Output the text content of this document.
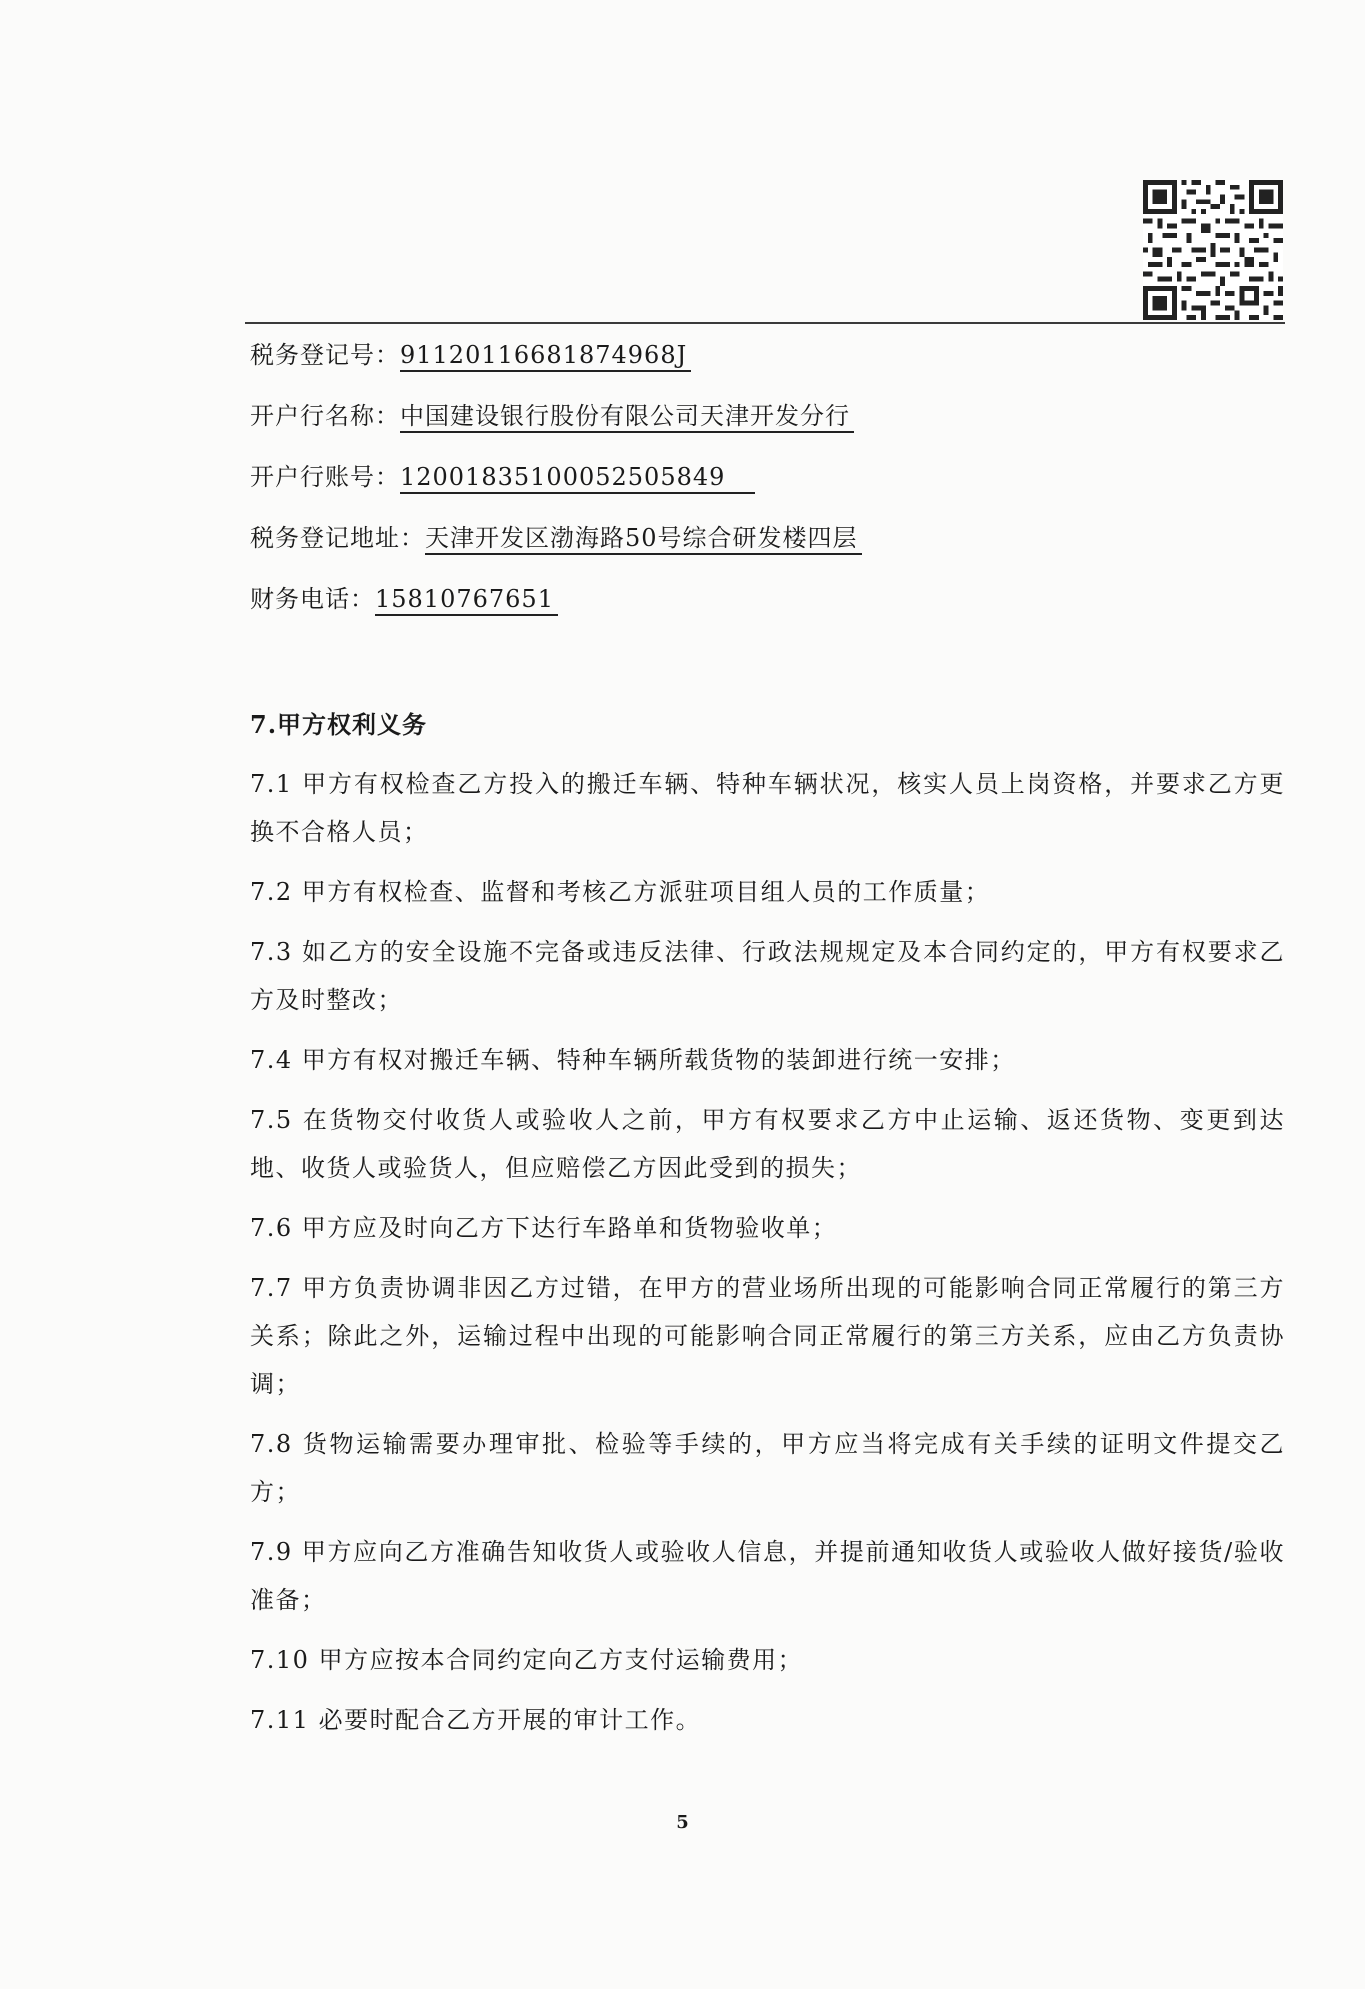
税务登记号：91120116681874968J
开户行名称：中国建设银行股份有限公司天津开发分行
开户行账号：12001835100052505849
税务登记地址：天津开发区渤海路50号综合研发楼四层
财务电话：15810767651
7.甲方权利义务
7.1 甲方有权检查乙方投入的搬迁车辆、特种车辆状况，核实人员上岗资格，并要求乙方更换不合格人员；
7.2 甲方有权检查、监督和考核乙方派驻项目组人员的工作质量；
7.3 如乙方的安全设施不完备或违反法律、行政法规规定及本合同约定的，甲方有权要求乙方及时整改；
7.4 甲方有权对搬迁车辆、特种车辆所载货物的装卸进行统一安排；
7.5 在货物交付收货人或验收人之前，甲方有权要求乙方中止运输、返还货物、变更到达地、收货人或验货人，但应赔偿乙方因此受到的损失；
7.6 甲方应及时向乙方下达行车路单和货物验收单；
7.7 甲方负责协调非因乙方过错，在甲方的营业场所出现的可能影响合同正常履行的第三方关系；除此之外，运输过程中出现的可能影响合同正常履行的第三方关系，应由乙方负责协调；
7.8 货物运输需要办理审批、检验等手续的，甲方应当将完成有关手续的证明文件提交乙方；
7.9 甲方应向乙方准确告知收货人或验收人信息，并提前通知收货人或验收人做好接货/验收准备；
7.10 甲方应按本合同约定向乙方支付运输费用；
7.11 必要时配合乙方开展的审计工作。
5
